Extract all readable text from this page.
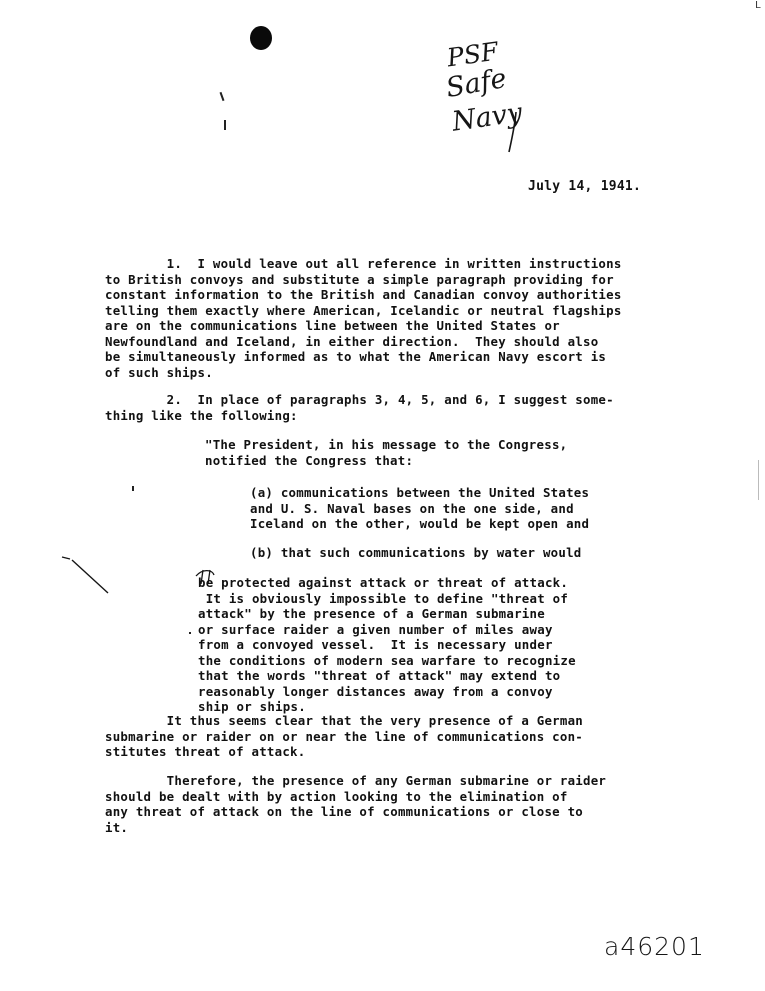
L
PSF
Safe
Navy
July 14, 1941.
1.  I would leave out all reference in written instructions
to British convoys and substitute a simple paragraph providing for
constant information to the British and Canadian convoy authorities
telling them exactly where American, Icelandic or neutral flagships
are on the communications line between the United States or
Newfoundland and Iceland, in either direction.  They should also
be simultaneously informed as to what the American Navy escort is
of such ships.
2.  In place of paragraphs 3, 4, 5, and 6, I suggest some-
thing like the following:
"The President, in his message to the Congress,
notified the Congress that:
(a) communications between the United States
and U. S. Naval bases on the one side, and
Iceland on the other, would be kept open and
(b) that such communications by water would
be protected against attack or threat of attack.
It is obviously impossible to define "threat of
attack" by the presence of a German submarine
or surface raider a given number of miles away
from a convoyed vessel.  It is necessary under
the conditions of modern sea warfare to recognize
that the words "threat of attack" may extend to
reasonably longer distances away from a convoy
ship or ships.
It thus seems clear that the very presence of a German
submarine or raider on or near the line of communications con-
stitutes threat of attack.
Therefore, the presence of any German submarine or raider
should be dealt with by action looking to the elimination of
any threat of attack on the line of communications or close to
it.
a46201
